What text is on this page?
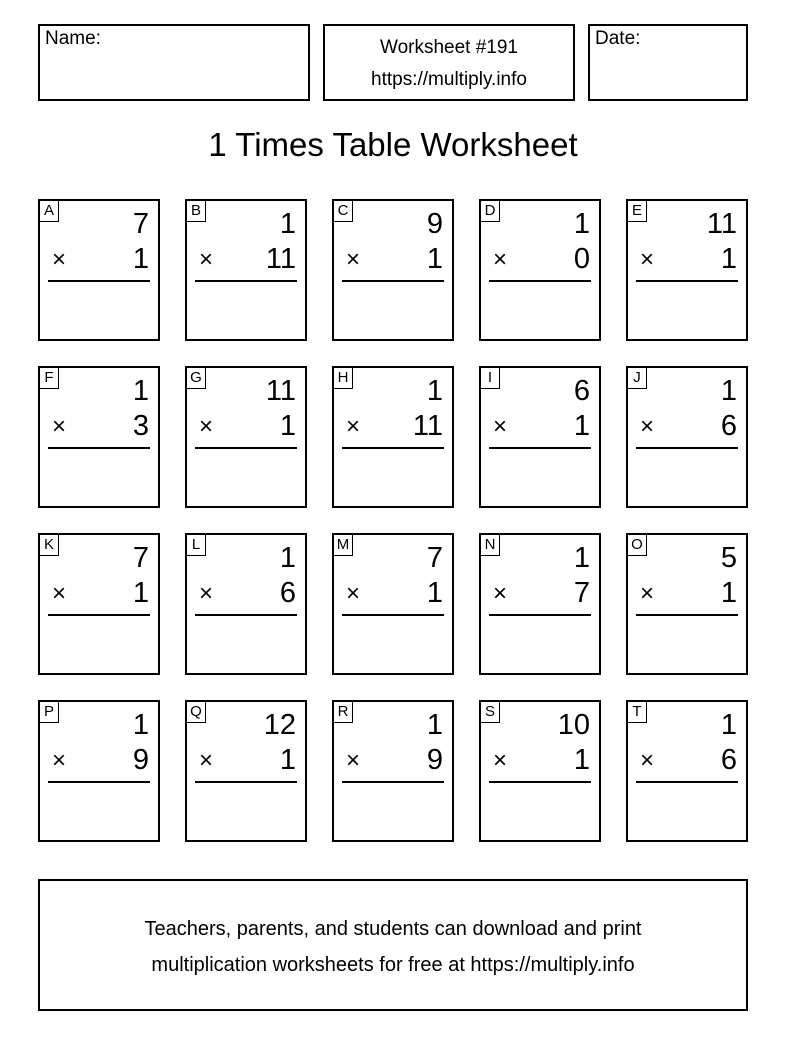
Name:	Worksheet #191
https://multiply.info
Date:
1 Times Table Worksheet
A	7
× 1
B	1
× 11
C	9
× 1
D	1
× 0
E 11
× 1
F	1
× 3
G 11
× 1
H	1
× 11
I	6
× 1
J	1
× 6
K	7
× 1
L	1
× 6
M	7
× 1
N	1
× 7
O	5
× 1
P	1
× 9
Q 12
× 1
R	1
× 9
S 10
× 1
T	1
× 6
Teachers, parents, and students can download and print
multiplication worksheets for free at https://multiply.info
